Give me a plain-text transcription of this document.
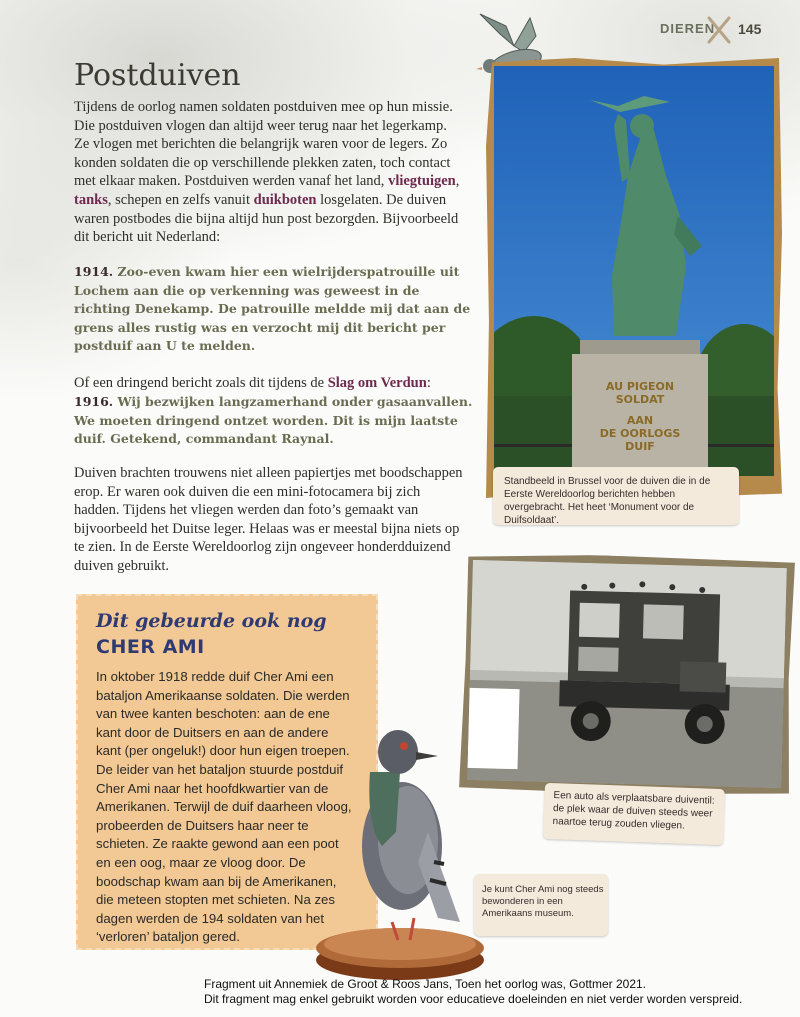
DIEREN 145
Postduiven
Tijdens de oorlog namen soldaten postduiven mee op hun missie. Die postduiven vlogen dan altijd weer terug naar het legerkamp. Ze vlogen met berichten die belangrijk waren voor de legers. Zo konden soldaten die op verschillende plekken zaten, toch contact met elkaar maken. Postduiven werden vanaf het land, vliegtuigen,
tanks, schepen en zelfs vanuit duikboten losgelaten. De duiven waren postbodes die bijna altijd hun post bezorgden. Bijvoorbeeld dit bericht uit Nederland:
1914. Zoo-even kwam hier een wielrijderspatrouille uit Lochem aan die op verkenning was geweest in de richting Denekamp. De patrouille meldde mij dat aan de grens alles rustig was en verzocht mij dit bericht per postduif aan U te melden.
Of een dringend bericht zoals dit tijdens de Slag om Verdun:
1916. Wij bezwijken langzamerhand onder gasaanvallen. We moeten dringend ontzet worden. Dit is mijn laatste duif. Getekend, commandant Raynal.
Duiven brachten trouwens niet alleen papiertjes met boodschappen erop. Er waren ook duiven die een mini-fotocamera bij zich hadden. Tijdens het vliegen werden dan foto’s gemaakt van bijvoorbeeld het Duitse leger. Helaas was er meestal bijna niets op te zien. In de Eerste Wereldoorlog zijn ongeveer honderdduizend duiven gebruikt.
AU PIGEON
SOLDAT
AAN
DE OORLOGS
DUIF
Standbeeld in Brussel voor de duiven die in de Eerste Wereldoorlog berichten hebben overgebracht. Het heet ‘Monument voor de Duifsoldaat’.
Een auto als verplaatsbare duiventil: de plek waar de duiven steeds weer naartoe terug zouden vliegen.
Dit gebeurde ook nog
CHER AMI
In oktober 1918 redde duif Cher Ami een bataljon Amerikaanse soldaten. Die werden van twee kanten beschoten: aan de ene kant door de Duitsers en aan de andere kant (per ongeluk!) door hun eigen troepen. De leider van het bataljon stuurde postduif Cher Ami naar het hoofdkwartier van de Amerikanen. Terwijl de duif daarheen vloog, probeerden de Duitsers haar neer te schieten. Ze raakte gewond aan een poot en een oog, maar ze vloog door. De boodschap kwam aan bij de Amerikanen, die meteen stopten met schieten. Na zes dagen werden de 194 soldaten van het ‘verloren’ bataljon gered.
Je kunt Cher Ami nog steeds bewonderen in een Amerikaans museum.
Fragment uit Annemiek de Groot & Roos Jans, Toen het oorlog was, Gottmer 2021.
Dit fragment mag enkel gebruikt worden voor educatieve doeleinden en niet verder worden verspreid.
